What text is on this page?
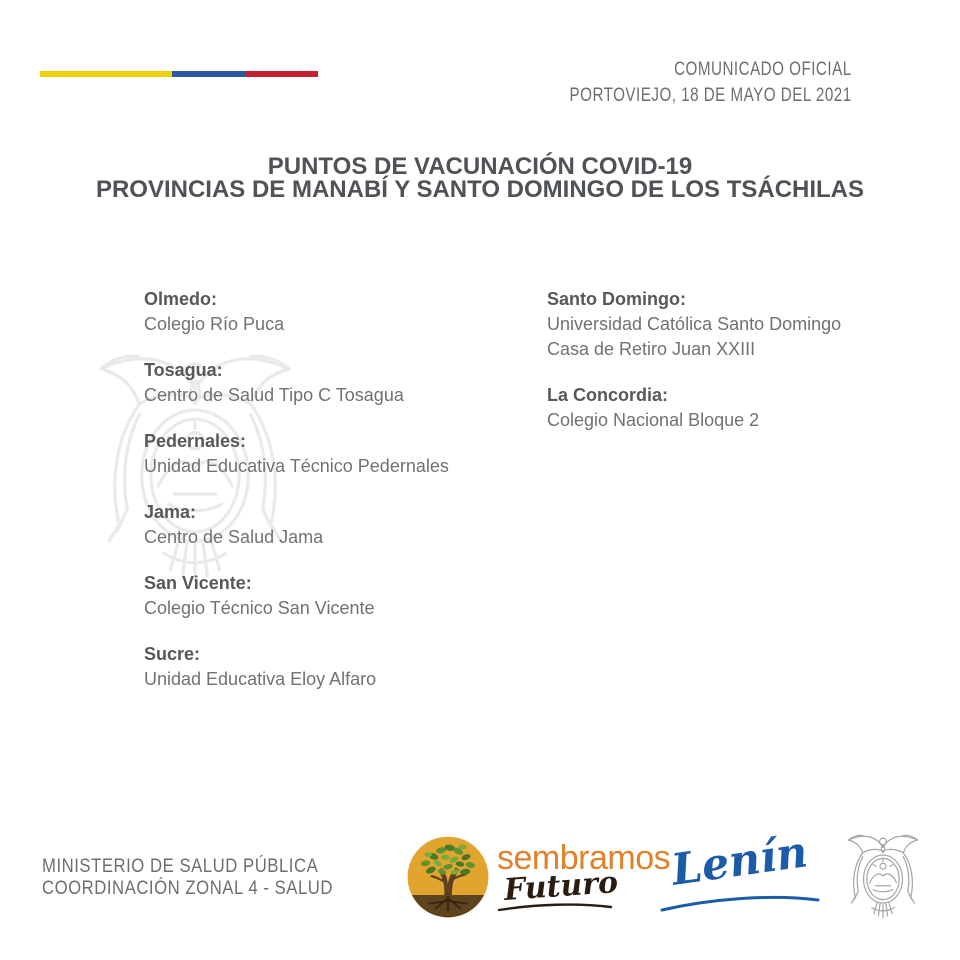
COMUNICADO OFICIAL
PORTOVIEJO, 18 DE MAYO DEL 2021
PUNTOS DE VACUNACIÓN COVID-19
PROVINCIAS DE MANABÍ Y SANTO DOMINGO DE LOS TSÁCHILAS
Olmedo:
Colegio Río Puca
Tosagua:
Centro de Salud Tipo C Tosagua
Pedernales:
Unidad Educativa Técnico Pedernales
Jama:
Centro de Salud Jama
San Vicente:
Colegio Técnico San Vicente
Sucre:
Unidad Educativa Eloy Alfaro
Santo Domingo:
Universidad Católica Santo Domingo
Casa de Retiro Juan XXIII
La Concordia:
Colegio Nacional Bloque 2
MINISTERIO DE SALUD PÚBLICA
COORDINACIÓN ZONAL 4 - SALUD
sembramos
Futuro Lenín
